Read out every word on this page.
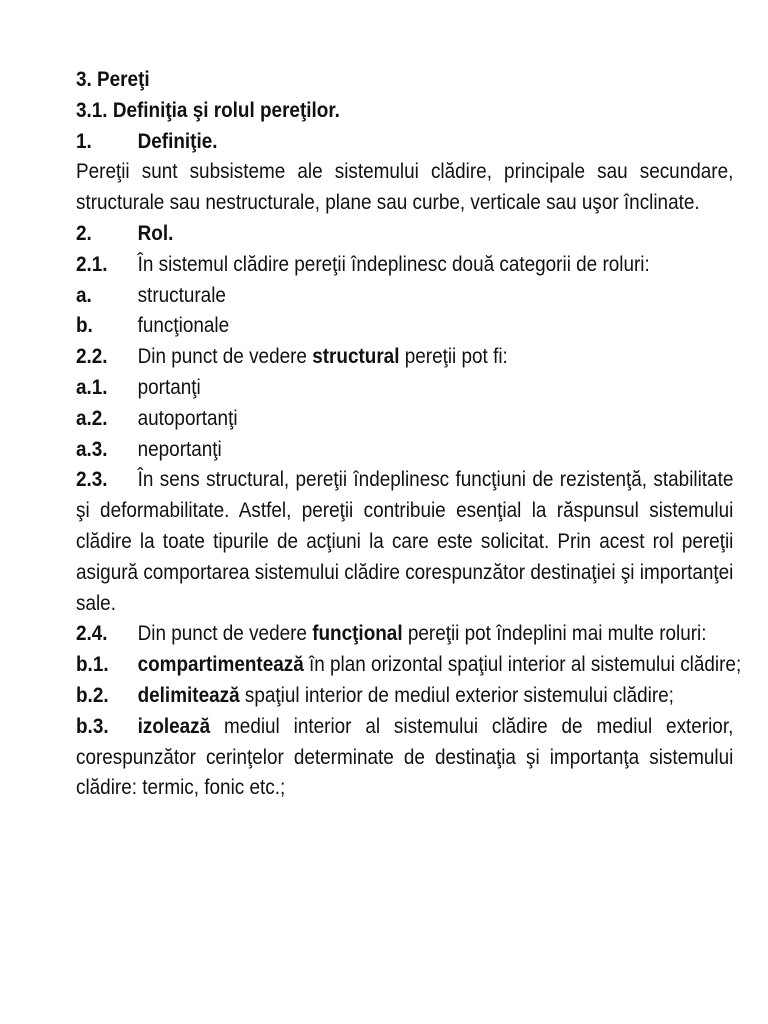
3. Pereţi
3.1. Definiţia şi rolul pereţilor.
1.	Definiţie.
Pereţii sunt subsisteme ale sistemului clădire, principale sau secundare, structurale sau nestructurale, plane sau curbe, verticale sau uşor înclinate.
2.	Rol.
2.1.	În sistemul clădire pereţii îndeplinesc două categorii de roluri:
a.	structurale
b.	funcţionale
2.2.	Din punct de vedere structural pereţii pot fi:
a.1.	portanţi
a.2.	autoportanţi
a.3.	neportanţi
2.3. În sens structural, pereţii îndeplinesc funcţiuni de rezistenţă, stabilitate şi deformabilitate. Astfel, pereţii contribuie esenţial la răspunsul sistemului clădire la toate tipurile de acţiuni la care este solicitat. Prin acest rol pereţii asigură comportarea sistemului clădire corespunzător destinaţiei şi importanţei sale.
2.4.	Din punct de vedere funcţional pereţii pot îndeplini mai multe roluri:
b.1.	compartimentează în plan orizontal spaţiul interior al sistemului clădire;
b.2.	delimitează spaţiul interior de mediul exterior sistemului clădire;
b.3. izolează mediul interior al sistemului clădire de mediul exterior, corespunzător cerinţelor determinate de destinaţia şi importanţa sistemului clădire: termic, fonic etc.;
